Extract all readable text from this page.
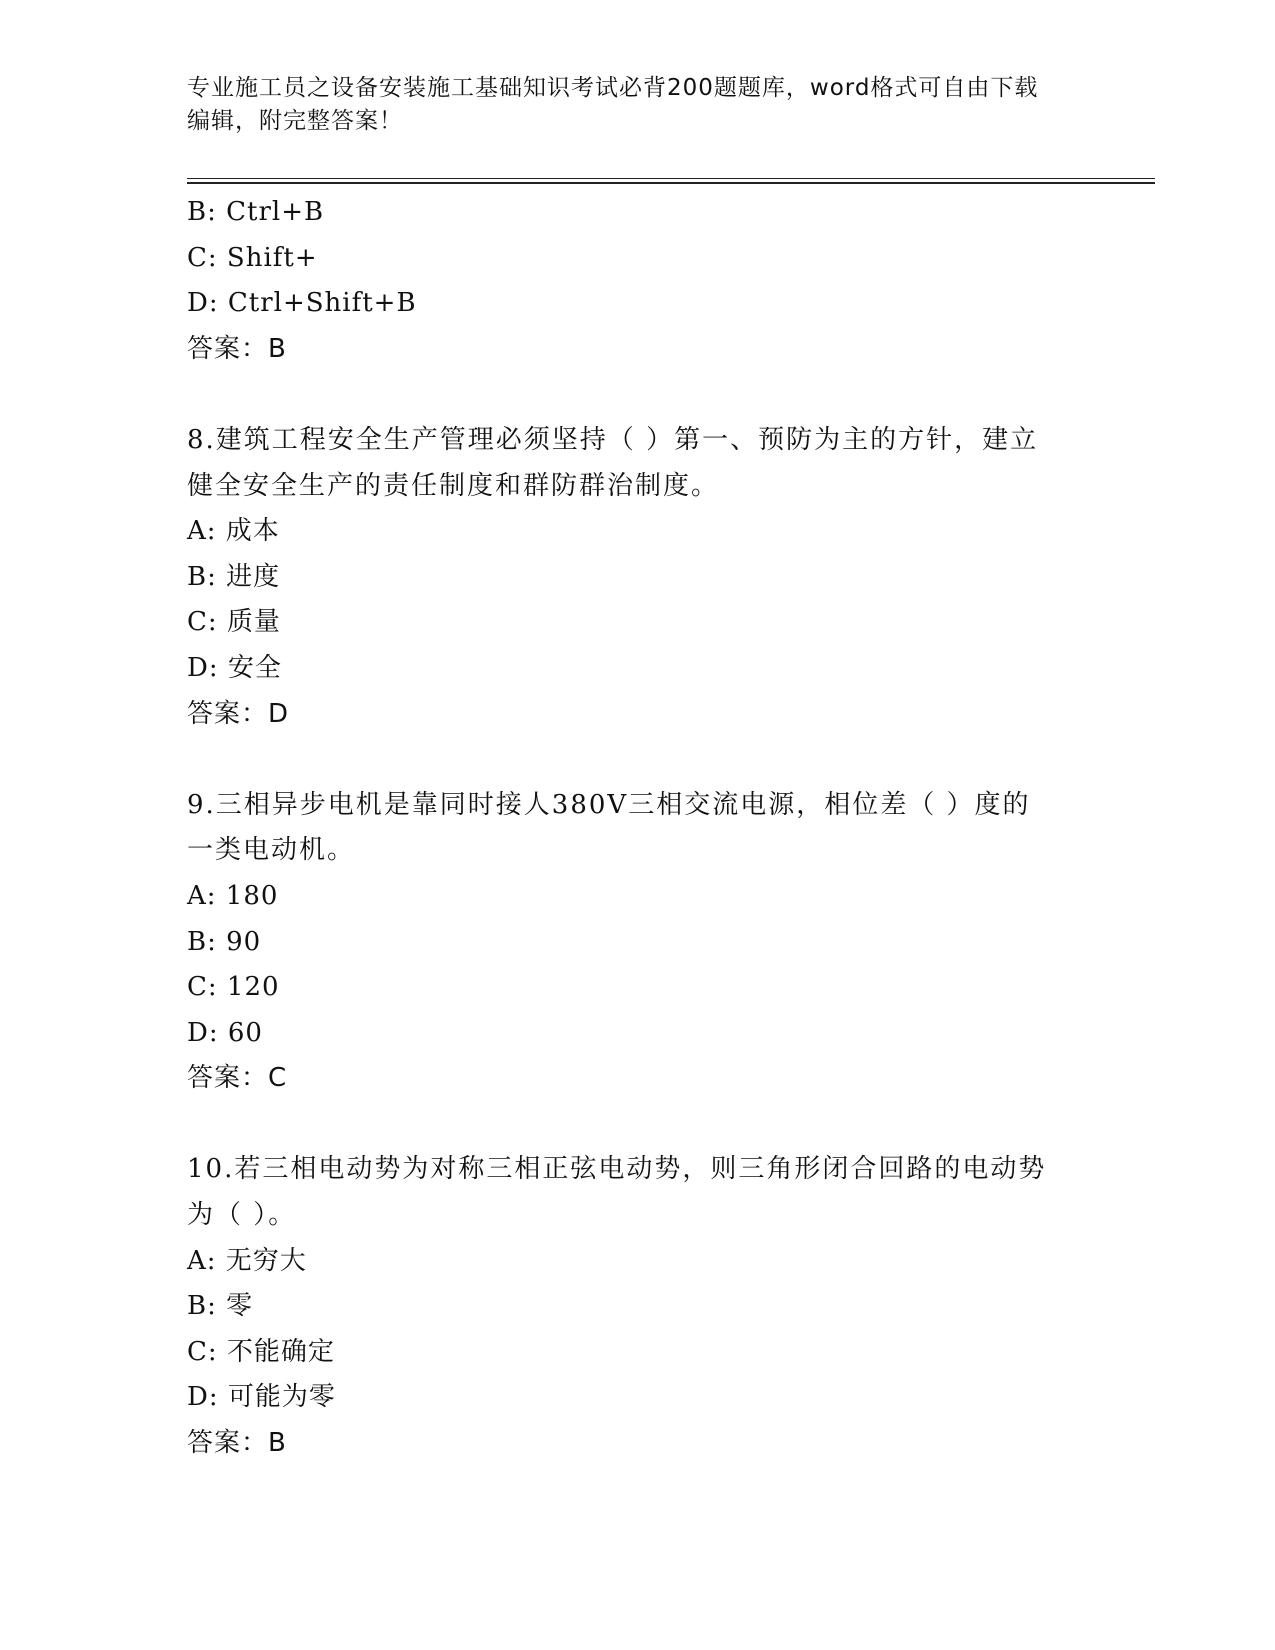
专业施工员之设备安装施工基础知识考试必背200题题库，word格式可自由下载
编辑，附完整答案！
B: Ctrl+B
C: Shift+
D: Ctrl+Shift+B
答案：B
8.建筑工程安全生产管理必须坚持（ ）第一、预防为主的方针，建立
健全安全生产的责任制度和群防群治制度。
A: 成本
B: 进度
C: 质量
D: 安全
答案：D
9.三相异步电机是靠同时接人380V三相交流电源，相位差（ ）度的
一类电动机。
A: 180
B: 90
C: 120
D: 60
答案：C
10.若三相电动势为对称三相正弦电动势，则三角形闭合回路的电动势
为（ ）。
A: 无穷大
B: 零
C: 不能确定
D: 可能为零
答案：B
